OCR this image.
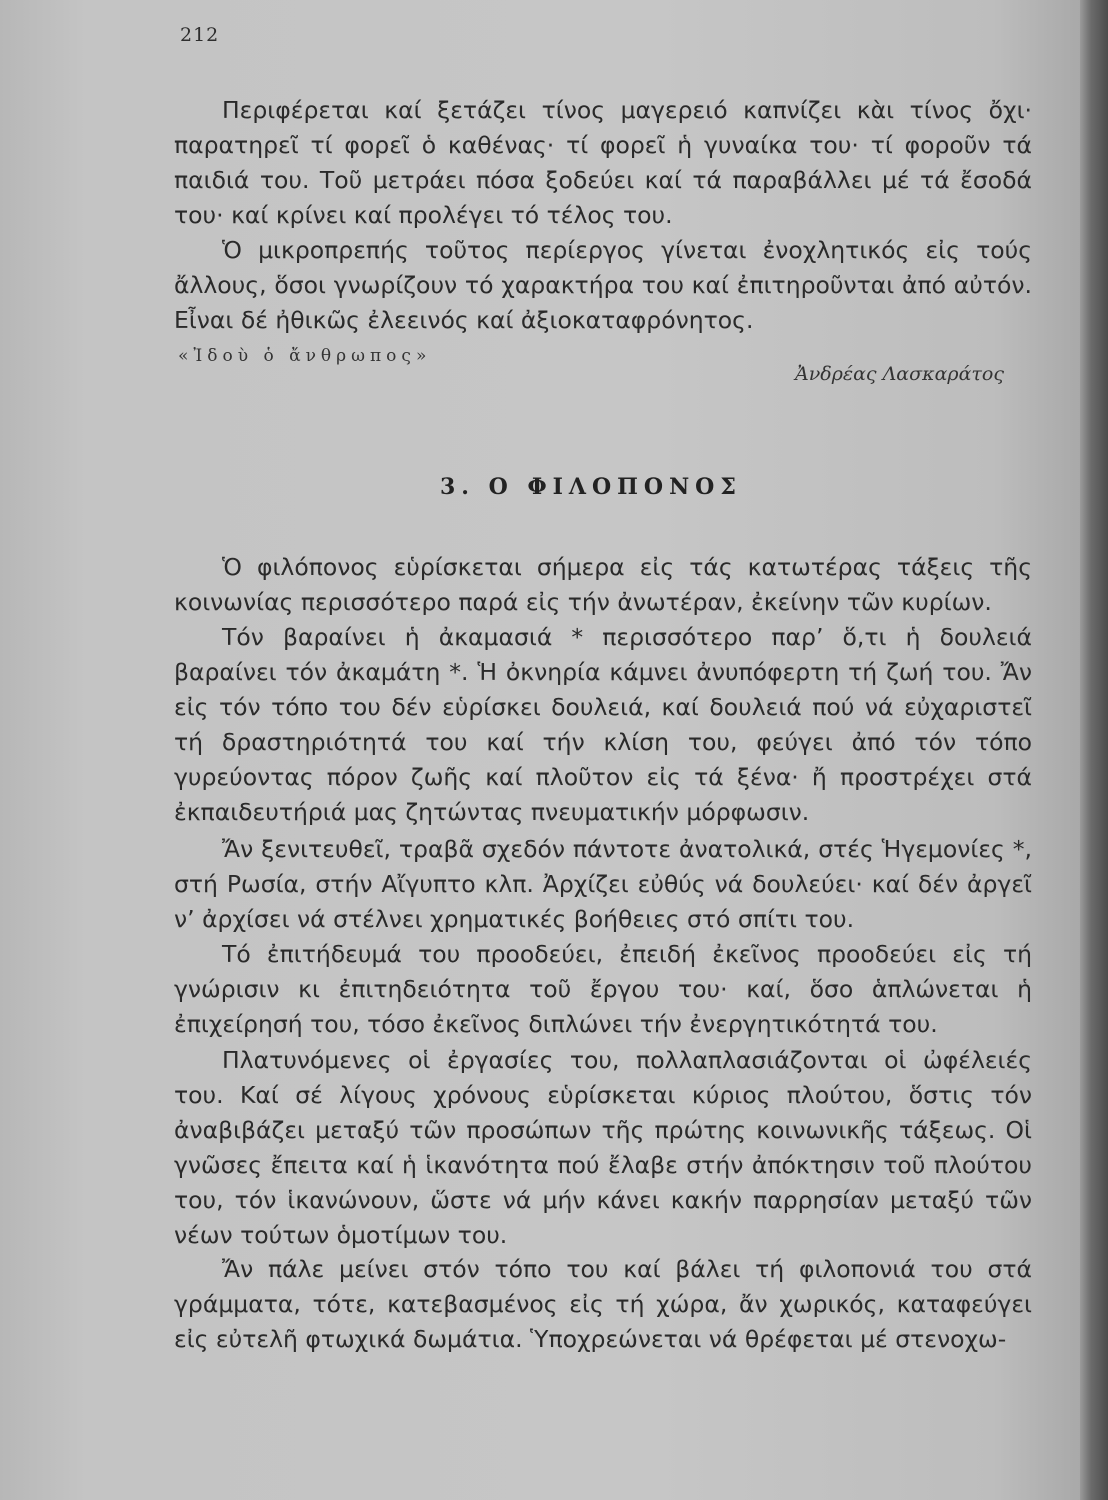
212

Περιφέρεται καί ξετάζει τίνος μαγερειό καπνίζει κὰι τίνος ὄχι· παρατηρεῖ τί φορεῖ ὁ καθένας· τί φορεῖ ἡ γυναίκα του· τί φοροῦν τά παιδιά του. Τοῦ μετράει πόσα ξοδεύει καί τά παραβάλλει μέ τά ἔσοδά του· καί κρίνει καί προλέγει τό τέλος του.

Ὁ μικροπρεπής τοῦτος περίεργος γίνεται ἐνοχλητικός εἰς τούς ἄλλους, ὅσοι γνωρίζουν τό χαρακτήρα του καί ἐπιτηροῦνται ἀπό αὐτόν. Εἶναι δέ ἠθικῶς ἐλεεινός καί ἀξιοκαταφρόνητος.

«Ἰδοὺ ὁ ἄνθρωπος»
Ἀνδρέας Λασκαράτος
3. Ο ΦΙΛΟΠΟΝΟΣ

Ὁ φιλόπονος εὑρίσκεται σήμερα εἰς τάς κατωτέρας τάξεις τῆς κοινωνίας περισσότερο παρά εἰς τήν ἀνωτέραν, ἐκείνην τῶν κυρίων.

Τόν βαραίνει ἡ ἀκαμασιά * περισσότερο παρ’ ὅ,τι ἡ δουλειά βαραίνει τόν ἀκαμάτη *. Ἡ ὀκνηρία κάμνει ἀνυπόφερτη τή ζωή του. Ἄν εἰς τόν τόπο του δέν εὑρίσκει δουλειά, καί δουλειά πού νά εὐχαριστεῖ τή δραστηριότητά του καί τήν κλίση του, φεύγει ἀπό τόν τόπο γυρεύοντας πόρον ζωῆς καί πλοῦτον εἰς τά ξένα· ἤ προστρέχει στά ἐκπαιδευτήριά μας ζητώντας πνευματικήν μόρφωσιν.

Ἄν ξενιτευθεῖ, τραβᾶ σχεδόν πάντοτε ἀνατολικά, στές Ἡγεμονίες *, στή Ρωσία, στήν Αἴγυπτο κλπ. Ἀρχίζει εὐθύς νά δουλεύει· καί δέν ἀργεῖ ν’ ἀρχίσει νά στέλνει χρηματικές βοήθειες στό σπίτι του.

Τό ἐπιτήδευμά του προοδεύει, ἐπειδή ἐκεῖνος προοδεύει εἰς τή γνώρισιν κι ἐπιτηδειότητα τοῦ ἔργου του· καί, ὅσο ἁπλώνεται ἡ ἐπιχείρησή του, τόσο ἐκεῖνος διπλώνει τήν ἐνεργητικότητά του.

Πλατυνόμενες οἱ ἐργασίες του, πολλαπλασιάζονται οἱ ὠφέλειές του. Καί σέ λίγους χρόνους εὑρίσκεται κύριος πλούτου, ὅστις τόν ἀναβιβάζει μεταξύ τῶν προσώπων τῆς πρώτης κοινωνικῆς τάξεως. Οἱ γνῶσες ἔπειτα καί ἡ ἱκανότητα πού ἔλαβε στήν ἀπόκτησιν τοῦ πλούτου του, τόν ἱκανώνουν, ὥστε νά μήν κάνει κακήν παρρησίαν μεταξύ τῶν νέων τούτων ὁμοτίμων του.

Ἄν πάλε μείνει στόν τόπο του καί βάλει τή φιλοπονιά του στά γράμματα, τότε, κατεβασμένος εἰς τή χώρα, ἄν χωρικός, καταφεύγει εἰς εὐτελῆ φτωχικά δωμάτια. Ὑποχρεώνεται νά θρέφεται μέ στενοχω-
